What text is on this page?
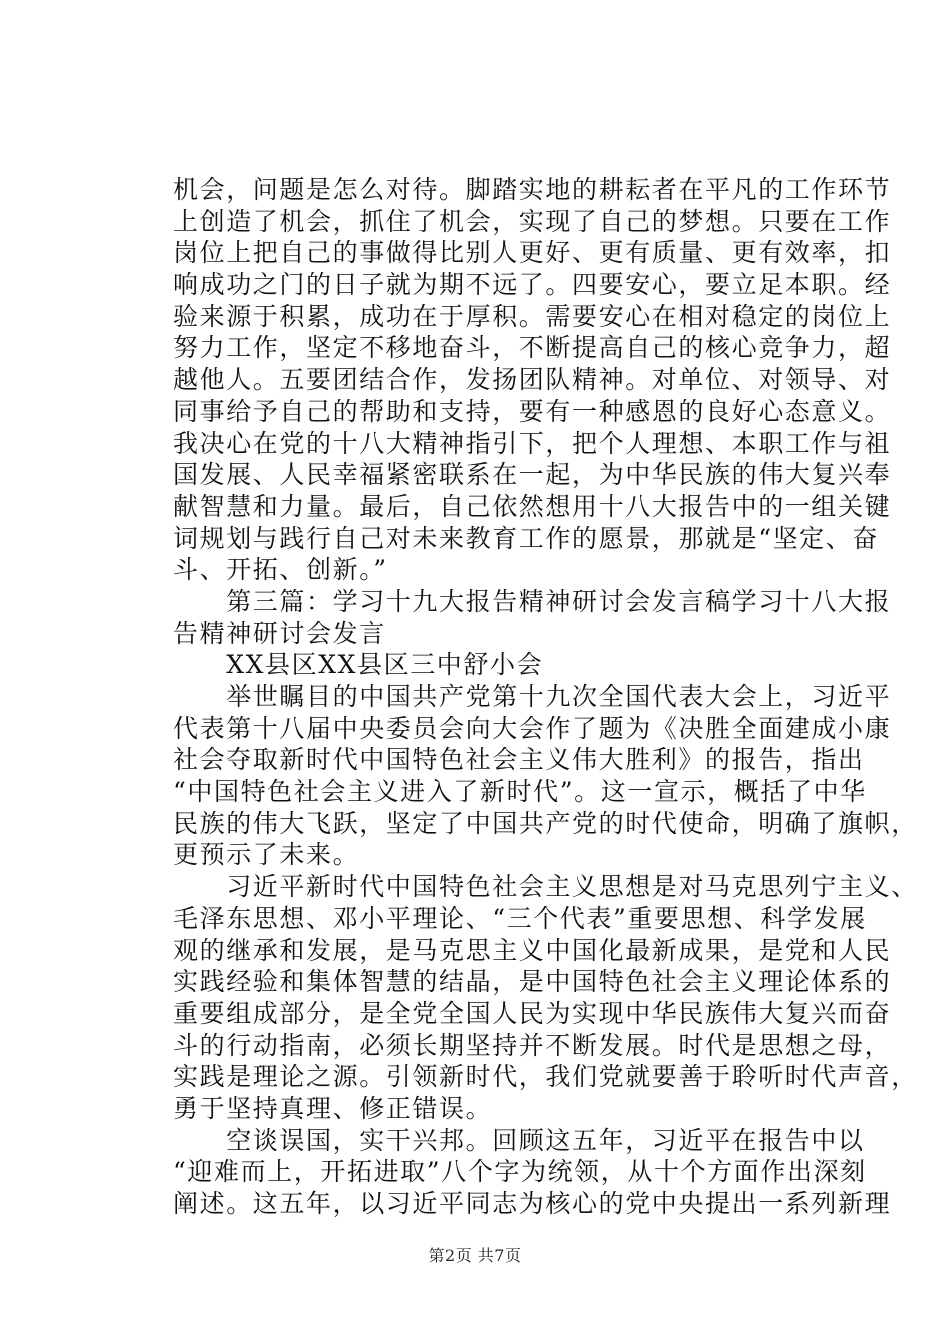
机会，问题是怎么对待。脚踏实地的耕耘者在平凡的工作环节
上创造了机会，抓住了机会，实现了自己的梦想。只要在工作
岗位上把自己的事做得比别人更好、更有质量、更有效率，扣
响成功之门的日子就为期不远了。四要安心，要立足本职。经
验来源于积累，成功在于厚积。需要安心在相对稳定的岗位上
努力工作，坚定不移地奋斗，不断提高自己的核心竞争力，超
越他人。五要团结合作，发扬团队精神。对单位、对领导、对
同事给予自己的帮助和支持，要有一种感恩的良好心态意义。
我决心在党的十八大精神指引下，把个人理想、本职工作与祖
国发展、人民幸福紧密联系在一起，为中华民族的伟大复兴奉
献智慧和力量。最后，自己依然想用十八大报告中的一组关键
词规划与践行自己对未来教育工作的愿景，那就是“坚定、奋
斗、开拓、创新。”
　　第三篇：学习十九大报告精神研讨会发言稿学习十八大报
告精神研讨会发言
　　XX县区XX县区三中舒小会
　　举世瞩目的中国共产党第十九次全国代表大会上，习近平
代表第十八届中央委员会向大会作了题为《决胜全面建成小康
社会夺取新时代中国特色社会主义伟大胜利》的报告，指出
“中国特色社会主义进入了新时代”。这一宣示，概括了中华
民族的伟大飞跃，坚定了中国共产党的时代使命，明确了旗帜，
更预示了未来。
　　习近平新时代中国特色社会主义思想是对马克思列宁主义、
毛泽东思想、邓小平理论、“三个代表”重要思想、科学发展
观的继承和发展，是马克思主义中国化最新成果，是党和人民
实践经验和集体智慧的结晶，是中国特色社会主义理论体系的
重要组成部分，是全党全国人民为实现中华民族伟大复兴而奋
斗的行动指南，必须长期坚持并不断发展。时代是思想之母，
实践是理论之源。引领新时代，我们党就要善于聆听时代声音，
勇于坚持真理、修正错误。
　　空谈误国，实干兴邦。回顾这五年，习近平在报告中以
“迎难而上，开拓进取”八个字为统领，从十个方面作出深刻
阐述。这五年，以习近平同志为核心的党中央提出一系列新理
第2页 共7页
